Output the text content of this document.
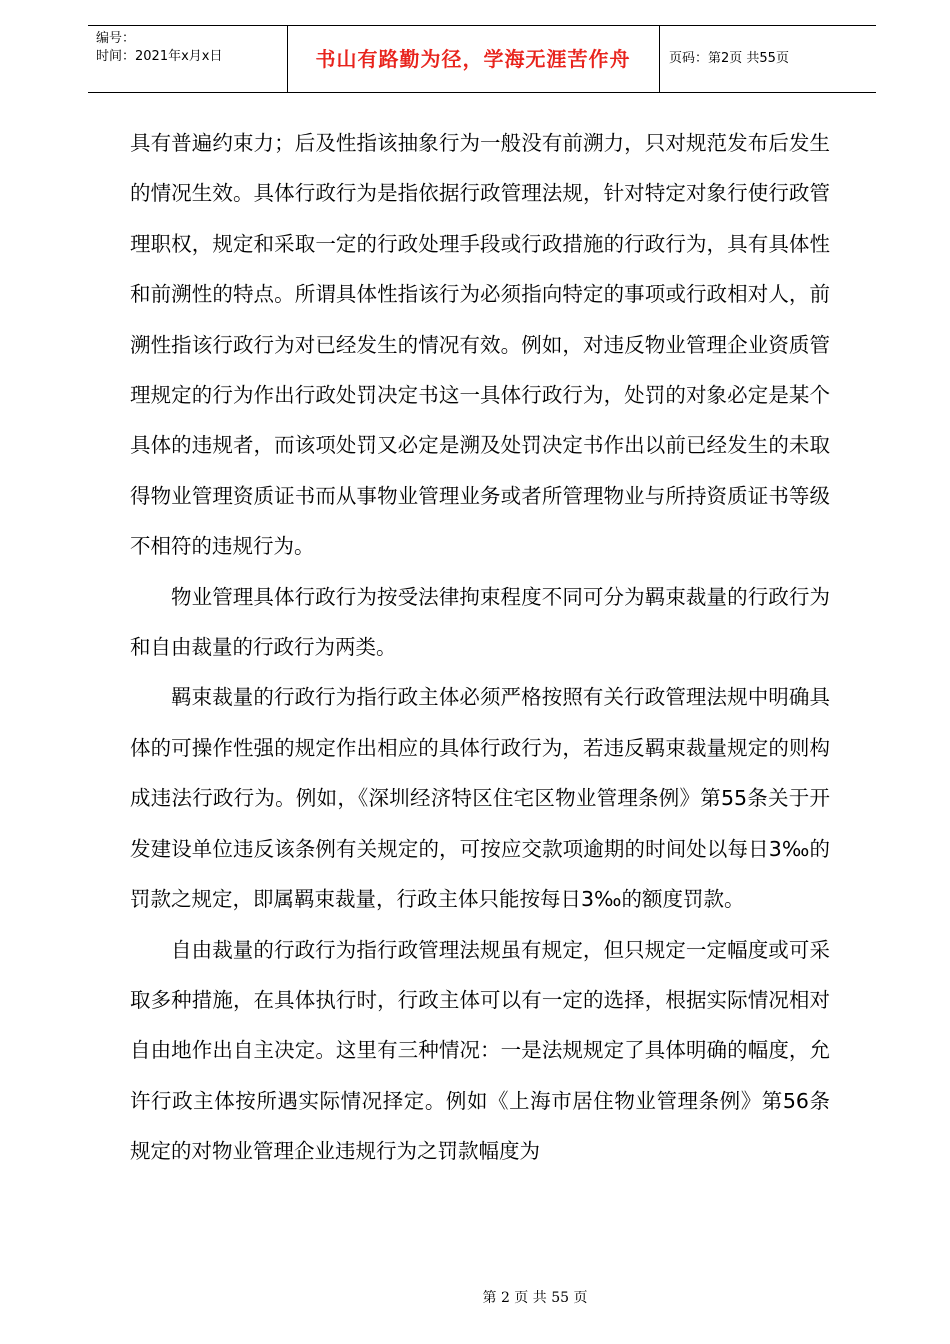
编号：
时间：2021年x月x日	书山有路勤为径，学海无涯苦作舟	页码：第2页 共55页

具有普遍约束力；后及性指该抽象行为一般没有前溯力，只对规范发布后发生的情况生效。具体行政行为是指依据行政管理法规，针对特定对象行使行政管理职权，规定和采取一定的行政处理手段或行政措施的行政行为，具有具体性和前溯性的特点。所谓具体性指该行为必须指向特定的事项或行政相对人，前溯性指该行政行为对已经发生的情况有效。例如，对违反物业管理企业资质管理规定的行为作出行政处罚决定书这一具体行政行为，处罚的对象必定是某个具体的违规者，而该项处罚又必定是溯及处罚决定书作出以前已经发生的未取得物业管理资质证书而从事物业管理业务或者所管理物业与所持资质证书等级不相符的违规行为。

物业管理具体行政行为按受法律拘束程度不同可分为羁束裁量的行政行为和自由裁量的行政行为两类。

羁束裁量的行政行为指行政主体必须严格按照有关行政管理法规中明确具体的可操作性强的规定作出相应的具体行政行为，若违反羁束裁量规定的则构成违法行政行为。例如，《深圳经济特区住宅区物业管理条例》第55条关于开发建设单位违反该条例有关规定的，可按应交款项逾期的时间处以每日3‰的罚款之规定，即属羁束裁量，行政主体只能按每日3‰的额度罚款。

自由裁量的行政行为指行政管理法规虽有规定，但只规定一定幅度或可采取多种措施，在具体执行时，行政主体可以有一定的选择，根据实际情况相对自由地作出自主决定。这里有三种情况：一是法规规定了具体明确的幅度，允许行政主体按所遇实际情况择定。例如《上海市居住物业管理条例》第56条规定的对物业管理企业违规行为之罚款幅度为

第 2 页 共 55 页
